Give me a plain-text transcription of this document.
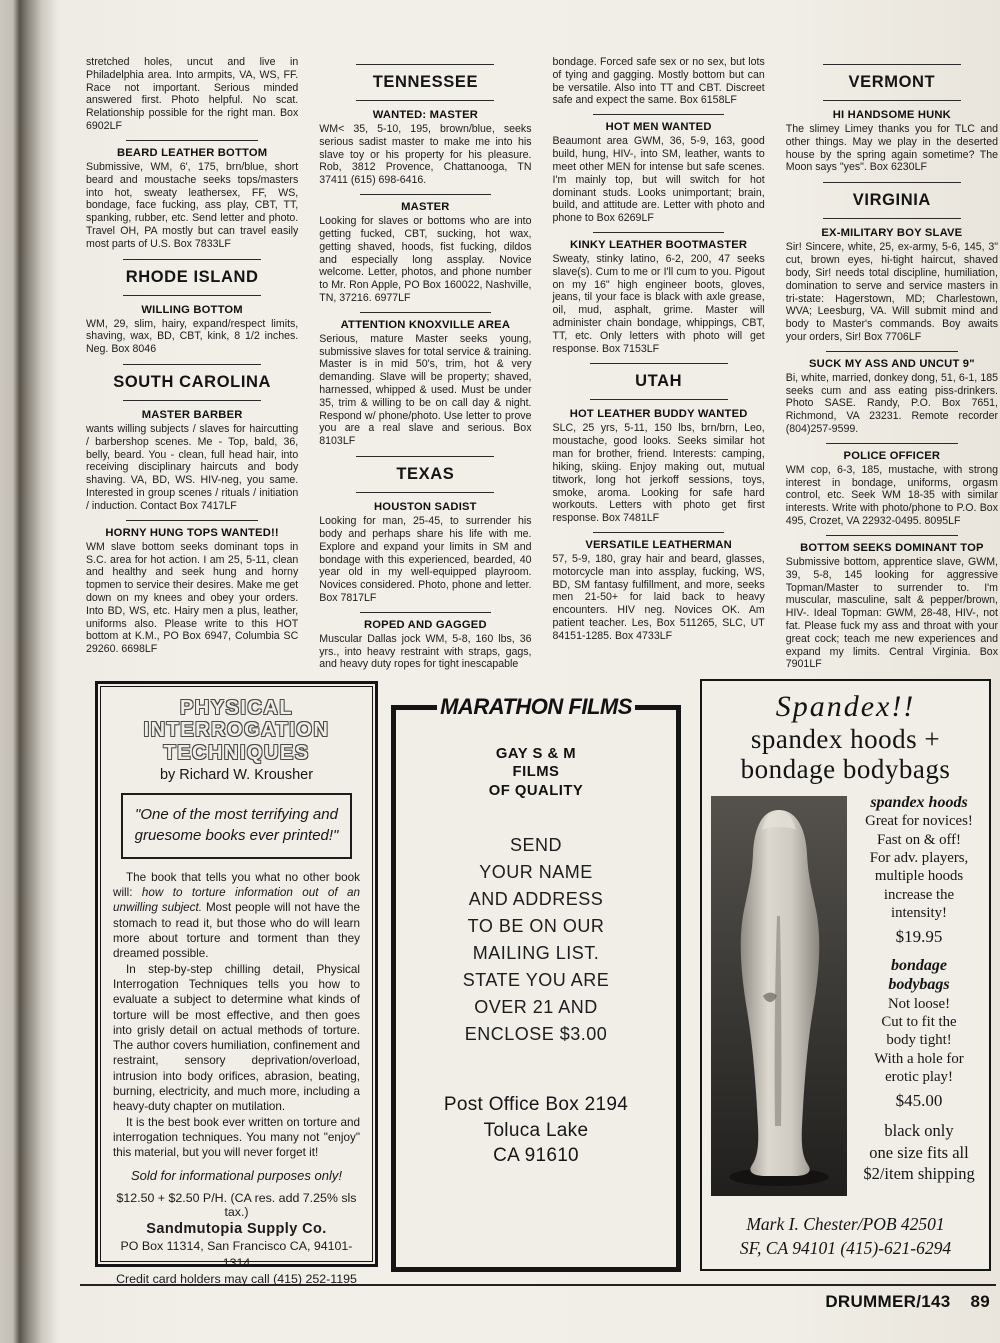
stretched holes, uncut and live in Philadelphia area. Into armpits, VA, WS, FF. Race not important. Serious minded answered first. Photo helpful. No scat. Relationship possible for the right man. Box 6902LF
BEARD LEATHER BOTTOM
Submissive, WM, 6', 175, brn/blue, short beard and moustache seeks tops/masters into hot, sweaty leathersex, FF, WS, bondage, face fucking, ass play, CBT, TT, spanking, rubber, etc. Send letter and photo. Travel OH, PA mostly but can travel easily most parts of U.S. Box 7833LF
RHODE ISLAND
WILLING BOTTOM
WM, 29, slim, hairy, expand/respect limits, shaving, wax, BD, CBT, kink, 8 1/2 inches. Neg. Box 8046
SOUTH CAROLINA
MASTER BARBER
wants willing subjects / slaves for haircutting / barbershop scenes. Me - Top, bald, 36, belly, beard. You - clean, full head hair, into receiving disciplinary haircuts and body shaving. VA, BD, WS. HIV-neg, you same. Interested in group scenes / rituals / initiation / induction. Contact Box 7417LF
HORNY HUNG TOPS WANTED!!
WM slave bottom seeks dominant tops in S.C. area for hot action. I am 25, 5-11, clean and healthy and seek hung and horny topmen to service their desires. Make me get down on my knees and obey your orders. Into BD, WS, etc. Hairy men a plus, leather, uniforms also. Please write to this HOT bottom at K.M., PO Box 6947, Columbia SC 29260. 6698LF
TENNESSEE
WANTED: MASTER
WM< 35, 5-10, 195, brown/blue, seeks serious sadist master to make me into his slave toy or his property for his pleasure. Rob, 3812 Provence, Chattanooga, TN 37411 (615) 698-6416.
MASTER
Looking for slaves or bottoms who are into getting fucked, CBT, sucking, hot wax, getting shaved, hoods, fist fucking, dildos and especially long assplay. Novice welcome. Letter, photos, and phone number to Mr. Ron Apple, PO Box 160022, Nashville, TN, 37216. 6977LF
ATTENTION KNOXVILLE AREA
Serious, mature Master seeks young, submissive slaves for total service & training. Master is in mid 50's, trim, hot & very demanding. Slave will be property; shaved, harnessed, whipped & used. Must be under 35, trim & willing to be on call day & night. Respond w/ phone/photo. Use letter to prove you are a real slave and serious. Box 8103LF
TEXAS
HOUSTON SADIST
Looking for man, 25-45, to surrender his body and perhaps share his life with me. Explore and expand your limits in SM and bondage with this experienced, bearded, 40 year old in my well-equipped playroom. Novices considered. Photo, phone and letter. Box 7817LF
ROPED AND GAGGED
Muscular Dallas jock WM, 5-8, 160 lbs, 36 yrs., into heavy restraint with straps, gags, and heavy duty ropes for tight inescapable
bondage. Forced safe sex or no sex, but lots of tying and gagging. Mostly bottom but can be versatile. Also into TT and CBT. Discreet safe and expect the same. Box 6158LF
HOT MEN WANTED
Beaumont area GWM, 36, 5-9, 163, good build, hung, HIV-, into SM, leather, wants to meet other MEN for intense but safe scenes. I'm mainly top, but will switch for hot dominant studs. Looks unimportant; brain, build, and attitude are. Letter with photo and phone to Box 6269LF
KINKY LEATHER BOOTMASTER
Sweaty, stinky latino, 6-2, 200, 47 seeks slave(s). Cum to me or I'll cum to you. Pigout on my 16" high engineer boots, gloves, jeans, til your face is black with axle grease, oil, mud, asphalt, grime. Master will administer chain bondage, whippings, CBT, TT, etc. Only letters with photo will get response. Box 7153LF
UTAH
HOT LEATHER BUDDY WANTED
SLC, 25 yrs, 5-11, 150 lbs, brn/brn, Leo, moustache, good looks. Seeks similar hot man for brother, friend. Interests: camping, hiking, skiing. Enjoy making out, mutual titwork, long hot jerkoff sessions, toys, smoke, aroma. Looking for safe hard workouts. Letters with photo get first response. Box 7481LF
VERSATILE LEATHERMAN
57, 5-9, 180, gray hair and beard, glasses, motorcycle man into assplay, fucking, WS, BD, SM fantasy fulfillment, and more, seeks men 21-50+ for laid back to heavy encounters. HIV neg. Novices OK. Am patient teacher. Les, Box 511265, SLC, UT 84151-1285. Box 4733LF
VERMONT
HI HANDSOME HUNK
The slimey Limey thanks you for TLC and other things. May we play in the deserted house by the spring again sometime? The Moon says "yes". Box 6230LF
VIRGINIA
EX-MILITARY BOY SLAVE
Sir! Sincere, white, 25, ex-army, 5-6, 145, 3" cut, brown eyes, hi-tight haircut, shaved body, Sir! needs total discipline, humiliation, domination to serve and service masters in tri-state: Hagerstown, MD; Charlestown, WVA; Leesburg, VA. Will submit mind and body to Master's commands. Boy awaits your orders, Sir! Box 7706LF
SUCK MY ASS AND UNCUT 9"
Bi, white, married, donkey dong, 51, 6-1, 185 seeks cum and ass eating piss-drinkers. Photo SASE. Randy, P.O. Box 7651, Richmond, VA 23231. Remote recorder (804)257-9599.
POLICE OFFICER
WM cop, 6-3, 185, mustache, with strong interest in bondage, uniforms, orgasm control, etc. Seek WM 18-35 with similar interests. Write with photo/phone to P.O. Box 495, Crozet, VA 22932-0495. 8095LF
BOTTOM SEEKS DOMINANT TOP
Submissive bottom, apprentice slave, GWM, 39, 5-8, 145 looking for aggressive Topman/Master to surrender to. I'm muscular, masculine, salt & pepper/brown, HIV-. Ideal Topman: GWM, 28-48, HIV-, not fat. Please fuck my ass and throat with your great cock; teach me new experiences and expand my limits. Central Virginia. Box 7901LF
PHYSICAL INTERROGATION TECHNIQUES
by Richard W. Krousher
"One of the most terrifying and gruesome books ever printed!"

The book that tells you what no other book will: how to torture information out of an unwilling subject. Most people will not have the stomach to read it, but those who do will learn more about torture and torment than they dreamed possible.

In step-by-step chilling detail, Physical Interrogation Techniques tells you how to evaluate a subject to determine what kinds of torture will be most effective, and then goes into grisly detail on actual methods of torture. The author covers humiliation, confinement and restraint, sensory deprivation/overload, intrusion into body orifices, abrasion, beating, burning, electricity, and much more, including a heavy-duty chapter on mutilation.

It is the best book ever written on torture and interrogation techniques. You many not "enjoy" this material, but you will never forget it!

Sold for informational purposes only!
$12.50 + $2.50 P/H. (CA res. add 7.25% sls tax.)
Sandmutopia Supply Co.
PO Box 11314, San Francisco CA, 94101-1314
Credit card holders may call (415) 252-1195
MARATHON FILMS
GAY S & M
FILMS
OF QUALITY
SEND
YOUR NAME
AND ADDRESS
TO BE ON OUR
MAILING LIST.
STATE YOU ARE
OVER 21 AND
ENCLOSE $3.00
Post Office Box 2194
Toluca Lake
CA 91610
Spandex!!
spandex hoods +
bondage bodybags
spandex hoods
Great for novices!
Fast on & off!
For adv. players,
multiple hoods
increase the
intensity!
$19.95
bondage
bodybags
Not loose!
Cut to fit the
body tight!
With a hole for
erotic play!
$45.00
black only
one size fits all
$2/item shipping
Mark I. Chester/POB 42501
SF, CA 94101 (415)-621-6294
DRUMMER/143 89
